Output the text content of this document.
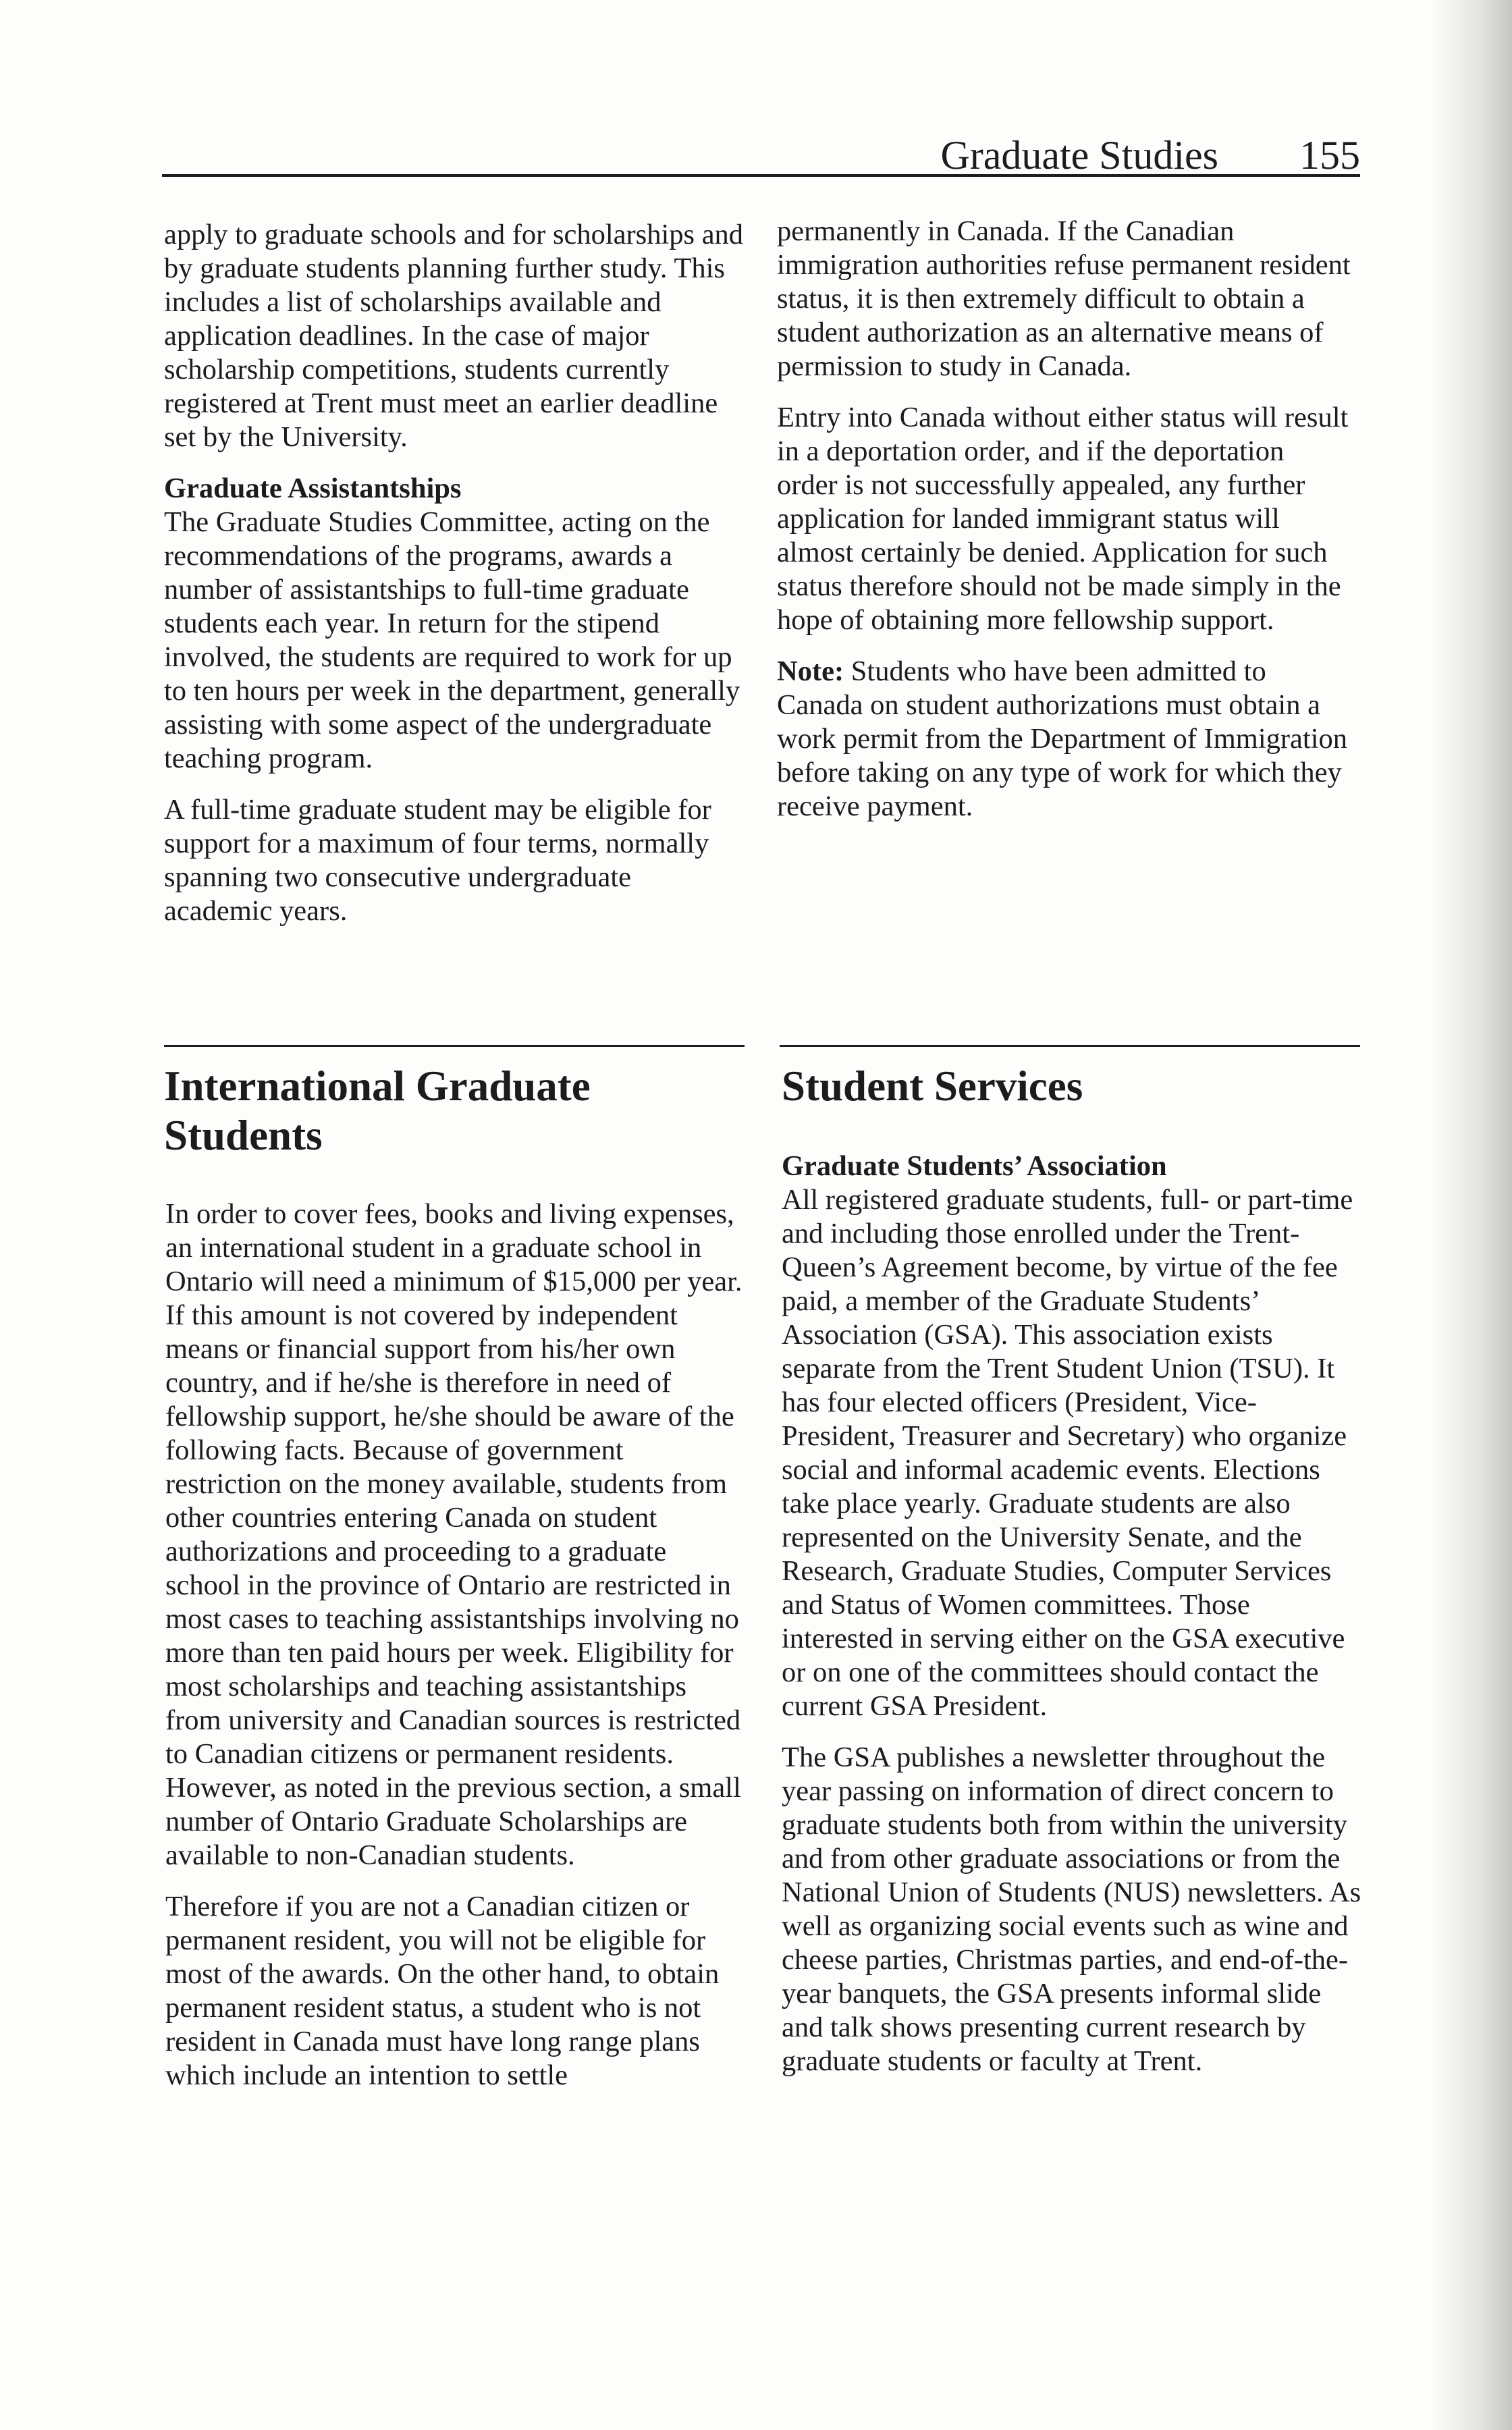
Graduate Studies 155

apply to graduate schools and for scholarships and by graduate students planning further study. This includes a list of scholarships available and application deadlines. In the case of major scholarship competitions, students currently registered at Trent must meet an earlier deadline set by the University.

Graduate Assistantships

The Graduate Studies Committee, acting on the recommendations of the programs, awards a number of assistantships to full-time graduate students each year. In return for the stipend involved, the students are required to work for up to ten hours per week in the department, generally assisting with some aspect of the undergraduate teaching program.

A full-time graduate student may be eligible for support for a maximum of four terms, normally spanning two consecutive undergraduate academic years.

permanently in Canada. If the Canadian immigration authorities refuse permanent resident status, it is then extremely difficult to obtain a student authorization as an alternative means of permission to study in Canada.

Entry into Canada without either status will result in a deportation order, and if the deportation order is not successfully appealed, any further application for landed immigrant status will almost certainly be denied. Application for such status therefore should not be made simply in the hope of obtaining more fellowship support.

Note: Students who have been admitted to Canada on student authorizations must obtain a work permit from the Department of Immigration before taking on any type of work for which they receive payment.

International Graduate Students
Student Services

In order to cover fees, books and living expenses, an international student in a graduate school in Ontario will need a minimum of $15,000 per year. If this amount is not covered by independent means or financial support from his/her own country, and if he/she is therefore in need of fellowship support, he/she should be aware of the following facts. Because of government restriction on the money available, students from other countries entering Canada on student authorizations and proceeding to a graduate school in the province of Ontario are restricted in most cases to teaching assistantships involving no more than ten paid hours per week. Eligibility for most scholarships and teaching assistantships from university and Canadian sources is restricted to Canadian citizens or permanent residents. However, as noted in the previous section, a small number of Ontario Graduate Scholarships are available to non-Canadian students.

Therefore if you are not a Canadian citizen or permanent resident, you will not be eligible for most of the awards. On the other hand, to obtain permanent resident status, a student who is not resident in Canada must have long range plans which include an intention to settle

Graduate Students’ Association

All registered graduate students, full- or part-time and including those enrolled under the Trent-Queen’s Agreement become, by virtue of the fee paid, a member of the Graduate Students’ Association (GSA). This association exists separate from the Trent Student Union (TSU). It has four elected officers (President, Vice-President, Treasurer and Secretary) who organize social and informal academic events. Elections take place yearly. Graduate students are also represented on the University Senate, and the Research, Graduate Studies, Computer Services and Status of Women committees. Those interested in serving either on the GSA executive or on one of the committees should contact the current GSA President.

The GSA publishes a newsletter throughout the year passing on information of direct concern to graduate students both from within the university and from other graduate associations or from the National Union of Students (NUS) newsletters. As well as organizing social events such as wine and cheese parties, Christmas parties, and end-of-the-year banquets, the GSA presents informal slide and talk shows presenting current research by graduate students or faculty at Trent.
